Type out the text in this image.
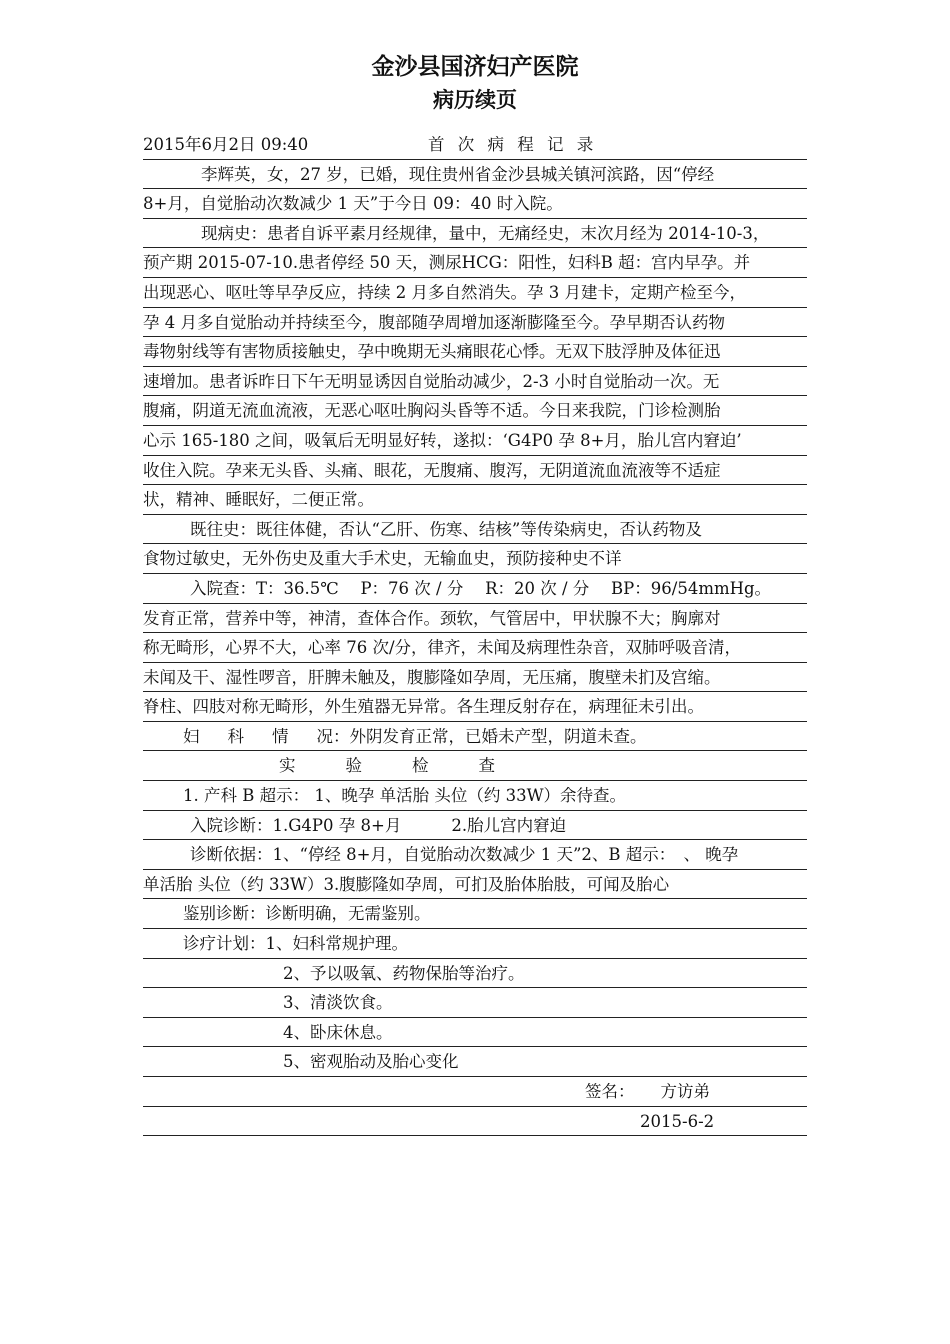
金沙县国济妇产医院
病历续页
2015年6月2日 09:40	首 次 病 程 记 录
李辉英，女，27 岁，已婚，现住贵州省金沙县城关镇河滨路，因“停经
8+月，自觉胎动次数减少 1 天”于今日 09：40 时入院。
现病史：患者自诉平素月经规律，量中，无痛经史，末次月经为 2014-10-3，
预产期 2015-07-10.患者停经 50 天，测尿HCG：阳性，妇科B 超：宫内早孕。并
出现恶心、呕吐等早孕反应，持续 2 月多自然消失。孕 3 月建卡，定期产检至今，
孕 4 月多自觉胎动并持续至今，腹部随孕周增加逐渐膨隆至今。孕早期否认药物
毒物射线等有害物质接触史，孕中晚期无头痛眼花心悸。无双下肢浮肿及体征迅
速增加。患者诉昨日下午无明显诱因自觉胎动减少，2-3 小时自觉胎动一次。无
腹痛，阴道无流血流液，无恶心呕吐胸闷头昏等不适。今日来我院，门诊检测胎
心示 165-180 之间，吸氧后无明显好转，遂拟：‘G4P0 孕 8+月，胎儿宫内窘迫’
收住入院。孕来无头昏、头痛、眼花，无腹痛、腹泻，无阴道流血流液等不适症
状，精神、睡眠好，二便正常。
既往史：既往体健，否认“乙肝、伤寒、结核”等传染病史，否认药物及
食物过敏史，无外伤史及重大手术史，无输血史，预防接种史不详
入院查：T：36.5℃　 P：76 次 / 分　 R：20 次 / 分　 BP：96/54mmHg。
发育正常，营养中等，神清，查体合作。颈软，气管居中，甲状腺不大；胸廓对
称无畸形，心界不大，心率 76 次/分，律齐，未闻及病理性杂音，双肺呼吸音清，
未闻及干、湿性啰音，肝脾未触及，腹膨隆如孕周，无压痛，腹壁未扪及宫缩。
脊柱、四肢对称无畸形，外生殖器无异常。各生理反射存在，病理征未引出。
妇 科 情 况：外阴发育正常，已婚未产型，阴道未查。
实	验	检	查
1. 产科 B 超示： 1、晚孕 单活胎 头位（约 33W）余待查。
入院诊断：1.G4P0 孕 8+月	2.胎儿宫内窘迫
诊断依据：1、“停经 8+月，自觉胎动次数减少 1 天”2、B 超示：　、 晚孕
单活胎 头位（约 33W）3.腹膨隆如孕周，可扪及胎体胎肢，可闻及胎心
鉴别诊断：诊断明确，无需鉴别。
诊疗计划：1、妇科常规护理。
2、予以吸氧、药物保胎等治疗。
3、清淡饮食。
4、卧床休息。
5、密观胎动及胎心变化
签名： 方访弟
2015-6-2
